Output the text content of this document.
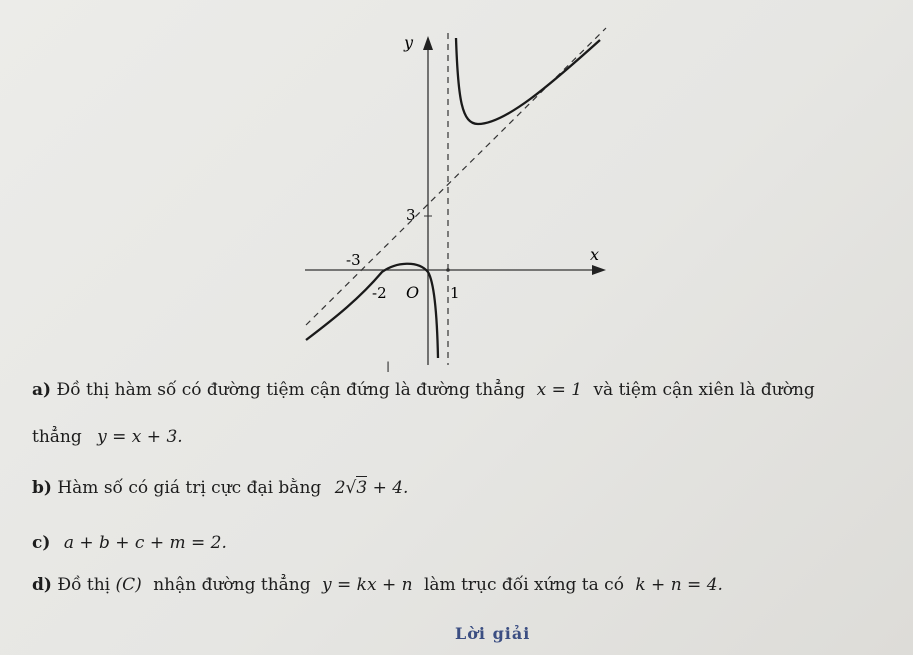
y
x
3
-3
-2 O 1
I
a) Đồ thị hàm số có đường tiệm cận đứng là đường thẳng x = 1 và tiệm cận xiên là đường
thẳng y = x + 3.
b) Hàm số có giá trị cực đại bằng 2√3 + 4.
c) a + b + c + m = 2.
d) Đồ thị (C) nhận đường thẳng y = kx + n làm trục đối xứng ta có k + n = 4.
Lời giải
